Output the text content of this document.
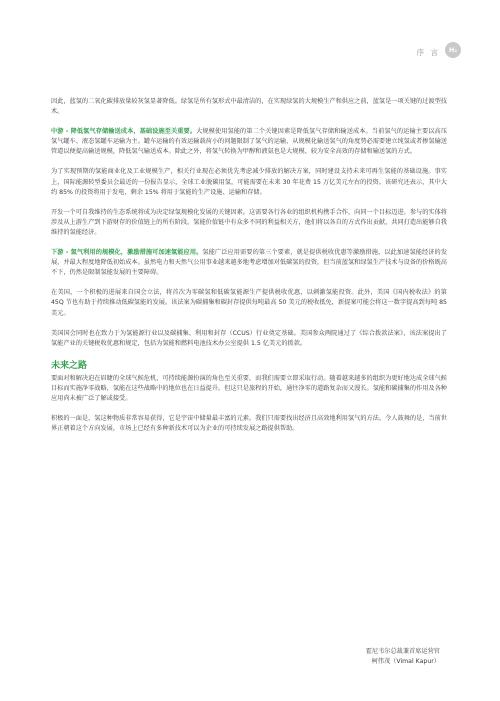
序 言	H₂

因此，蓝氢的二氧化碳排放量较灰氢显著降低。绿氢是所有氢形式中最清洁的，在实现绿氢的大规模生产和供应之前，蓝氢是一项关键的过渡型技术。

中游 - 降低氢气存储输送成本，基础设施至关重要。大规模使用氢能的第二个关键因素是降低氢气存储和输送成本。当前氢气的运输主要以高压氢气罐车、液态氢罐车运输为主。罐车运输的有效运输载荷小的问题限制了氢气的运输，从规模化输送氢气的角度势必需要建立纯氢或者掺氢输送管道以便提高输送规模，降低氢气输送成本。除此之外，将氢气转换为甲醇和液氨也是大规模、较为安全高效的存储和输送氢的方式。

为了实现预期的氢能商业化及工业规模生产，相关行业现在必须优先考虑减少排放的解决方案，同时建设支持未来可再生氢能的基础设施。事实上，国际能源转型委员会最近的一份报告显示，全球工业脱碳用氢，可能需要在未来 30 年花费 15 万亿美元左右的投资。该研究还表示，其中大约 85% 的投资将用于发电，剩余 15% 将用于氢能的生产设施、运输和存储。

开发一个可自我维持的生态系统将成为决定绿氢规模化发展的关键因素。这需要各行各业的组织机构携手合作，向同一个目标迈进。参与的实体将涉及从上游生产到下游财存的价值链上的所有阶段。氢能价值链中有众多不同的利益相关方，他们将以各自的方式作出贡献，共同打造出能够自我维持的氢能经济。

下游 - 氢气利用的规模化，激励措施可加速氢能应用。氢能广泛应用需要的第三个要素，就是提供税收优惠等激励措施，以此加速氢能经济的发展，并最大程度地降低初始成本。虽然电力和天然气公用事业越来越多地考虑增加对低碳氢的投资，但当前蓝氢和绿氢生产技术与设备的价格既高不下，仍然是限制氢能发展的主要障碍。

在美国，一个积极的进展来自国会立法，将首次为零碳氢和低碳氢能源生产提供税收优惠，以刺激氢能投资。此外，美国《国内税收法》的第 45Q 节也有助于持续推动低碳氢能的发展。该法案为碳捕集和碳封存提供每吨最高 50 美元的税收抵免，新提案可能会将这一数字提高到每吨 85 美元。

美国国会同时也在致力于为氢能源行业以及碳捕集、利用和封存（CCUS）行业奠定基础。美国参众两院通过了《综合拨款法案》，该法案提出了氢能产业的关键税收优惠和规定，包括为氢能和燃料电池技术办公室提供 1.5 亿美元的拨款。

未来之路

要面对和解决迫在眉睫的全球气候危机，可持续能源扮演的角色至关重要，而我们需要立即采取行动。随着越来越多的组织为更好地达成全球气候目标而实施净零战略，氢能在这些战略中的地位也在日益提升。但这只是旅程的开始，通往净零的道路复杂而又漫长。氢能和碳捕集的作用及各种应用尚未被广泛了解或接受。

积极的一面是，氢这种物质非常容易获得，它是宇宙中储量最丰富的元素。我们只需要找出经济且高效地利用氢气的方法。令人鼓舞的是，当前世界正朝着这个方向发展，市场上已经有多种新技术可以为企业的可持续发展之路提供帮助。

霍尼韦尔总裁兼首席运营官
柯伟茂（Vimal Kapur）
